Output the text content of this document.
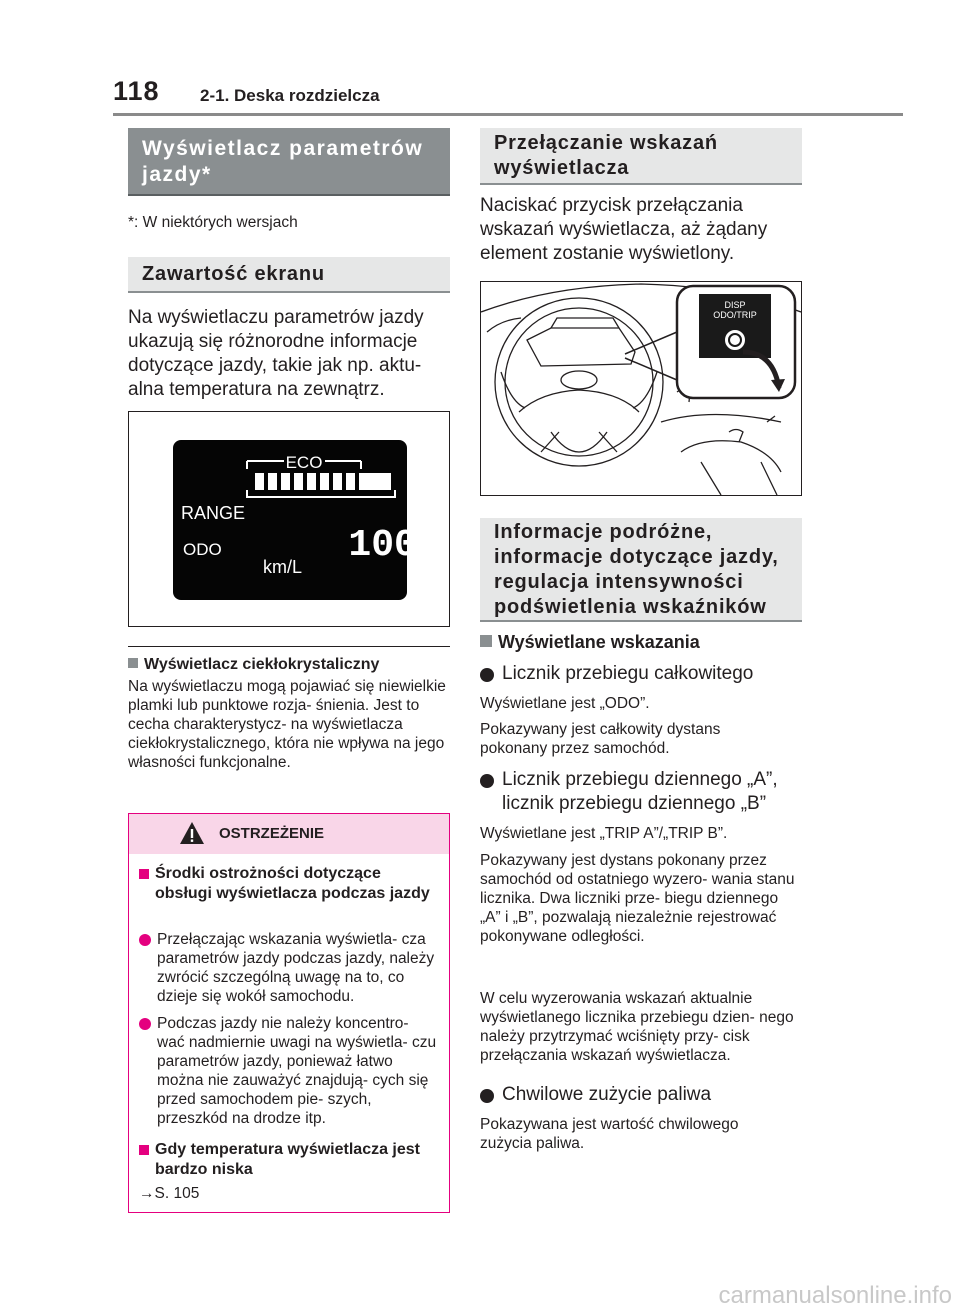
118 2-1. Deska rozdzielcza
Wyświetlacz parametrów jazdy*
*: W niektórych wersjach
Zawartość ekranu
Na wyświetlaczu parametrów jazdy ukazują się różnorodne informacje dotyczące jazdy, takie jak np. aktu- alna temperatura na zewnątrz.
ECO
RANGE
ODO	1000
km/L
Wyświetlacz ciekłokrystaliczny
Na wyświetlaczu mogą pojawiać się niewielkie plamki lub punktowe rozja- śnienia. Jest to cecha charakterystycz- na wyświetlacza ciekłokrystalicznego, która nie wpływa na jego własności funkcjonalne.
OSTRZEŻENIE
Środki ostrożności dotyczące obsługi wyświetlacza podczas jazdy
Przełączając wskazania wyświetla- cza parametrów jazdy podczas jazdy, należy zwrócić szczególną uwagę na to, co dzieje się wokół samochodu.
Podczas jazdy nie należy koncentro- wać nadmiernie uwagi na wyświetla- czu parametrów jazdy, ponieważ łatwo można nie zauważyć znajdują- cych się przed samochodem pie- szych, przeszkód na drodze itp.
Gdy temperatura wyświetlacza jest bardzo niska
→S. 105
Przełączanie wskazań wyświetlacza
Naciskać przycisk przełączania wskazań wyświetlacza, aż żądany element zostanie wyświetlony.
DISP
ODO/TRIP
Informacje podróżne, informacje dotyczące jazdy, regulacja intensywności podświetlenia wskaźników
Wyświetlane wskazania
Licznik przebiegu całkowitego
Wyświetlane jest „ODO”.
Pokazywany jest całkowity dystans pokonany przez samochód.
Licznik przebiegu dziennego „A”, licznik przebiegu dziennego „B”
Wyświetlane jest „TRIP A”/„TRIP B”.
Pokazywany jest dystans pokonany przez samochód od ostatniego wyzero- wania stanu licznika. Dwa liczniki prze- biegu dziennego „A” i „B”, pozwalają niezależnie rejestrować pokonywane odległości.
W celu wyzerowania wskazań aktualnie wyświetlanego licznika przebiegu dzien- nego należy przytrzymać wciśnięty przy- cisk przełączania wskazań wyświetlacza.
Chwilowe zużycie paliwa
Pokazywana jest wartość chwilowego zużycia paliwa.
carmanualsonline.info
